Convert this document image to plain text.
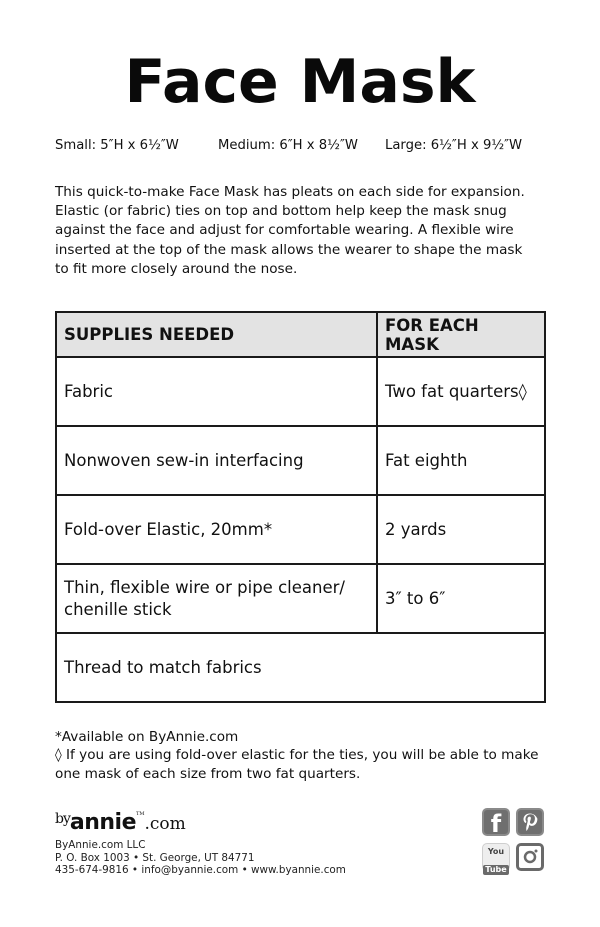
Face Mask
Small: 5″H x 6½″W	Medium: 6″H x 8½″W Large: 6½″H x 9½″W
This quick-to-make Face Mask has pleats on each side for expansion.
Elastic (or fabric) ties on top and bottom help keep the mask snug
against the face and adjust for comfortable wearing. A flexible wire
inserted at the top of the mask allows the wearer to shape the mask
to fit more closely around the nose.
SUPPLIES NEEDED	FOR EACH MASK
Fabric	Two fat quarters◊
Nonwoven sew-in interfacing	Fat eighth
Fold-over Elastic, 20mm*	2 yards

Thin, flexible wire or pipe cleaner/
chenille stick	3″ to 6″
Thread to match fabrics	
*Available on ByAnnie.com
◊ If you are using fold-over elastic for the ties, you will be able to make
one mask of each size from two fat quarters.
byannie™.com
ByAnnie.com LLC
P. O. Box 1003 • St. George, UT 84771
435-674-9816 • info@byannie.com • www.byannie.com
f
You
Tube
